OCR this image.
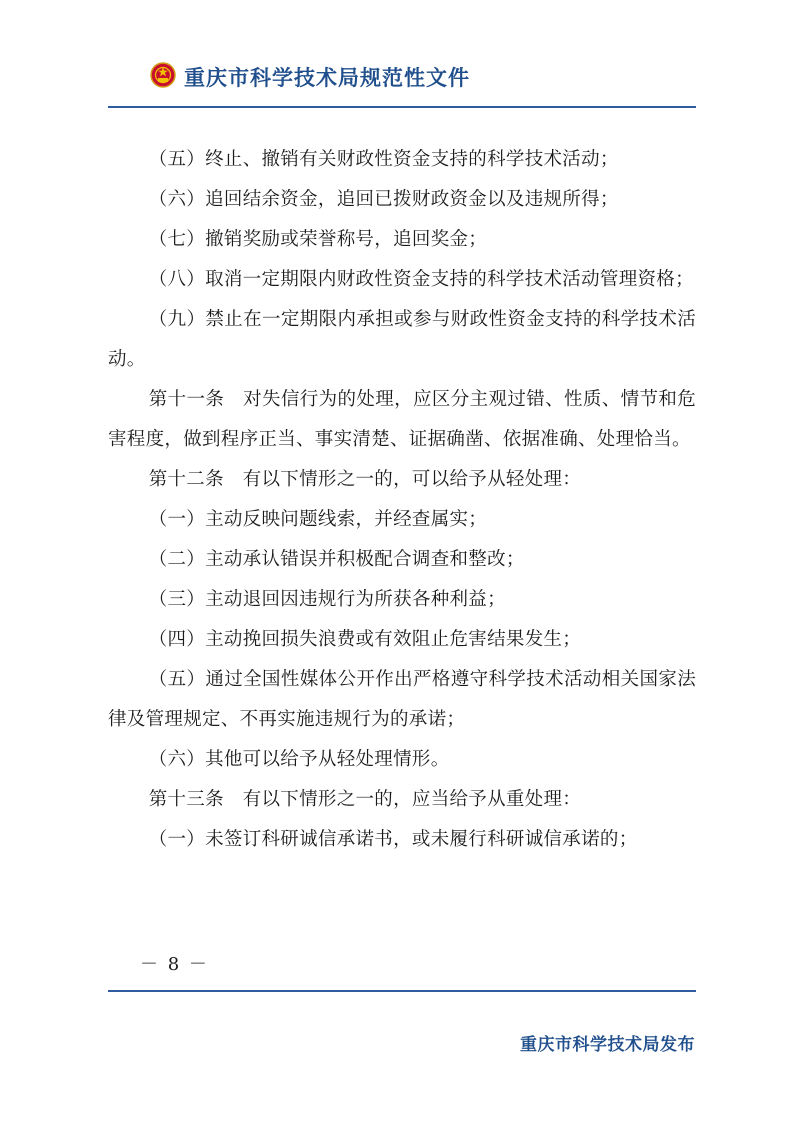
重庆市科学技术局规范性文件

（五）终止、撤销有关财政性资金支持的科学技术活动；

（六）追回结余资金，追回已拨财政资金以及违规所得；

（七）撤销奖励或荣誉称号，追回奖金；

（八）取消一定期限内财政性资金支持的科学技术活动管理资格；

（九）禁止在一定期限内承担或参与财政性资金支持的科学技术活动。

第十一条　对失信行为的处理，应区分主观过错、性质、情节和危害程度，做到程序正当、事实清楚、证据确凿、依据准确、处理恰当。

第十二条　有以下情形之一的，可以给予从轻处理：

（一）主动反映问题线索，并经查属实；

（二）主动承认错误并积极配合调查和整改；

（三）主动退回因违规行为所获各种利益；

（四）主动挽回损失浪费或有效阻止危害结果发生；

（五）通过全国性媒体公开作出严格遵守科学技术活动相关国家法律及管理规定、不再实施违规行为的承诺；

（六）其他可以给予从轻处理情形。

第十三条　有以下情形之一的，应当给予从重处理：

（一）未签订科研诚信承诺书，或未履行科研诚信承诺的；

－ 8 －
重庆市科学技术局发布
